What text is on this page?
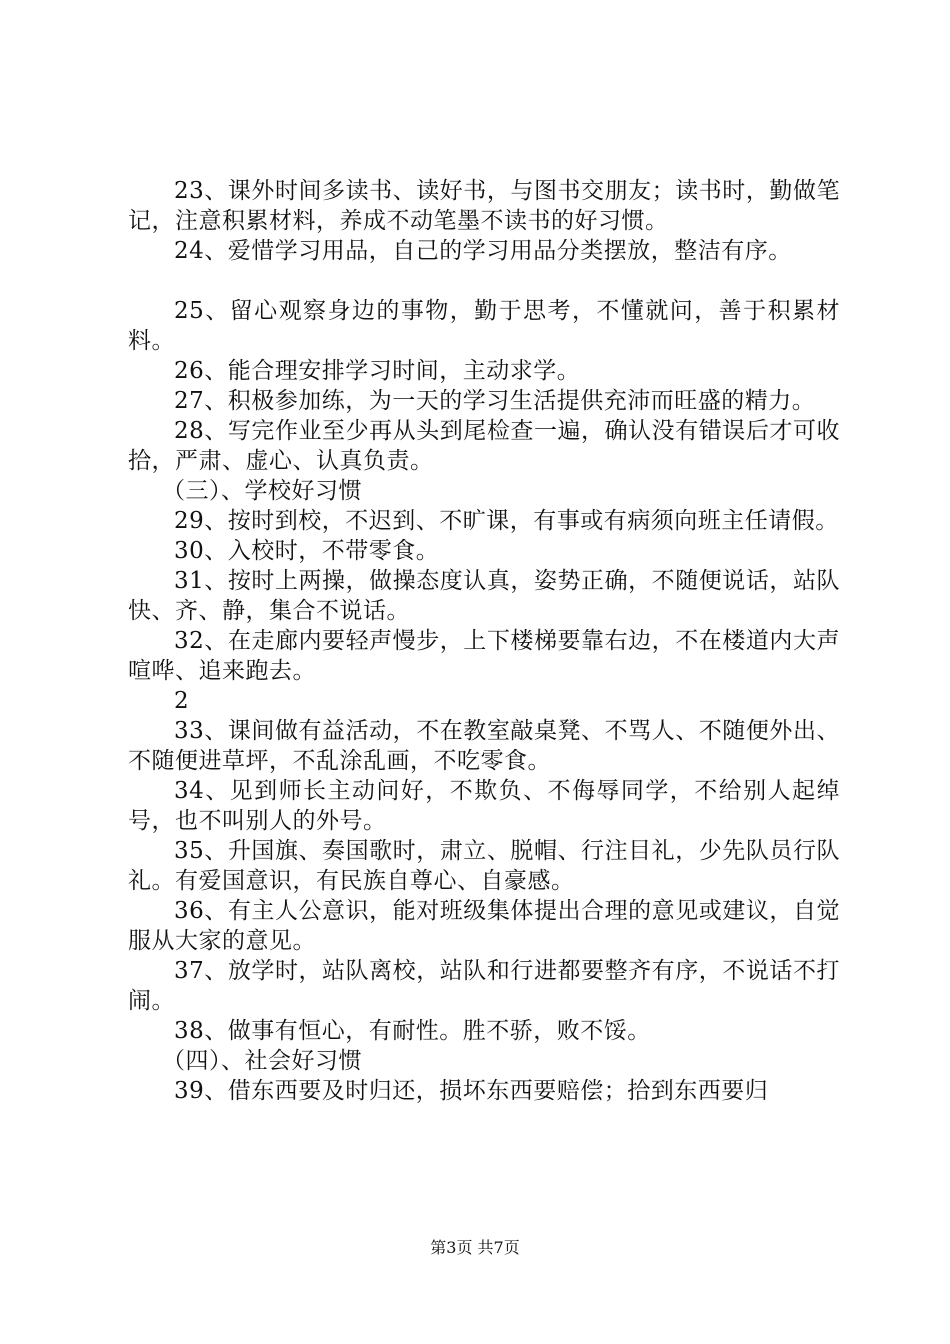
23、课外时间多读书、读好书，与图书交朋友；读书时，勤做笔记，注意积累材料，养成不动笔墨不读书的好习惯。

24、爱惜学习用品，自己的学习用品分类摆放，整洁有序。

25、留心观察身边的事物，勤于思考，不懂就问，善于积累材料。

26、能合理安排学习时间，主动求学。

27、积极参加练，为一天的学习生活提供充沛而旺盛的精力。

28、写完作业至少再从头到尾检查一遍，确认没有错误后才可收拾，严肃、虚心、认真负责。

（三）、学校好习惯

29、按时到校，不迟到、不旷课，有事或有病须向班主任请假。

30、入校时，不带零食。

31、按时上两操，做操态度认真，姿势正确，不随便说话，站队快、齐、静，集合不说话。

32、在走廊内要轻声慢步，上下楼梯要靠右边，不在楼道内大声喧哗、追来跑去。

2

33、课间做有益活动，不在教室敲桌凳、不骂人、不随便外出、不随便进草坪，不乱涂乱画，不吃零食。

34、见到师长主动问好，不欺负、不侮辱同学，不给别人起绰号，也不叫别人的外号。

35、升国旗、奏国歌时，肃立、脱帽、行注目礼，少先队员行队礼。有爱国意识，有民族自尊心、自豪感。

36、有主人公意识，能对班级集体提出合理的意见或建议，自觉服从大家的意见。

37、放学时，站队离校，站队和行进都要整齐有序，不说话不打闹。

38、做事有恒心，有耐性。胜不骄，败不馁。

（四）、社会好习惯

39、借东西要及时归还，损坏东西要赔偿；拾到东西要归

第3页 共7页
